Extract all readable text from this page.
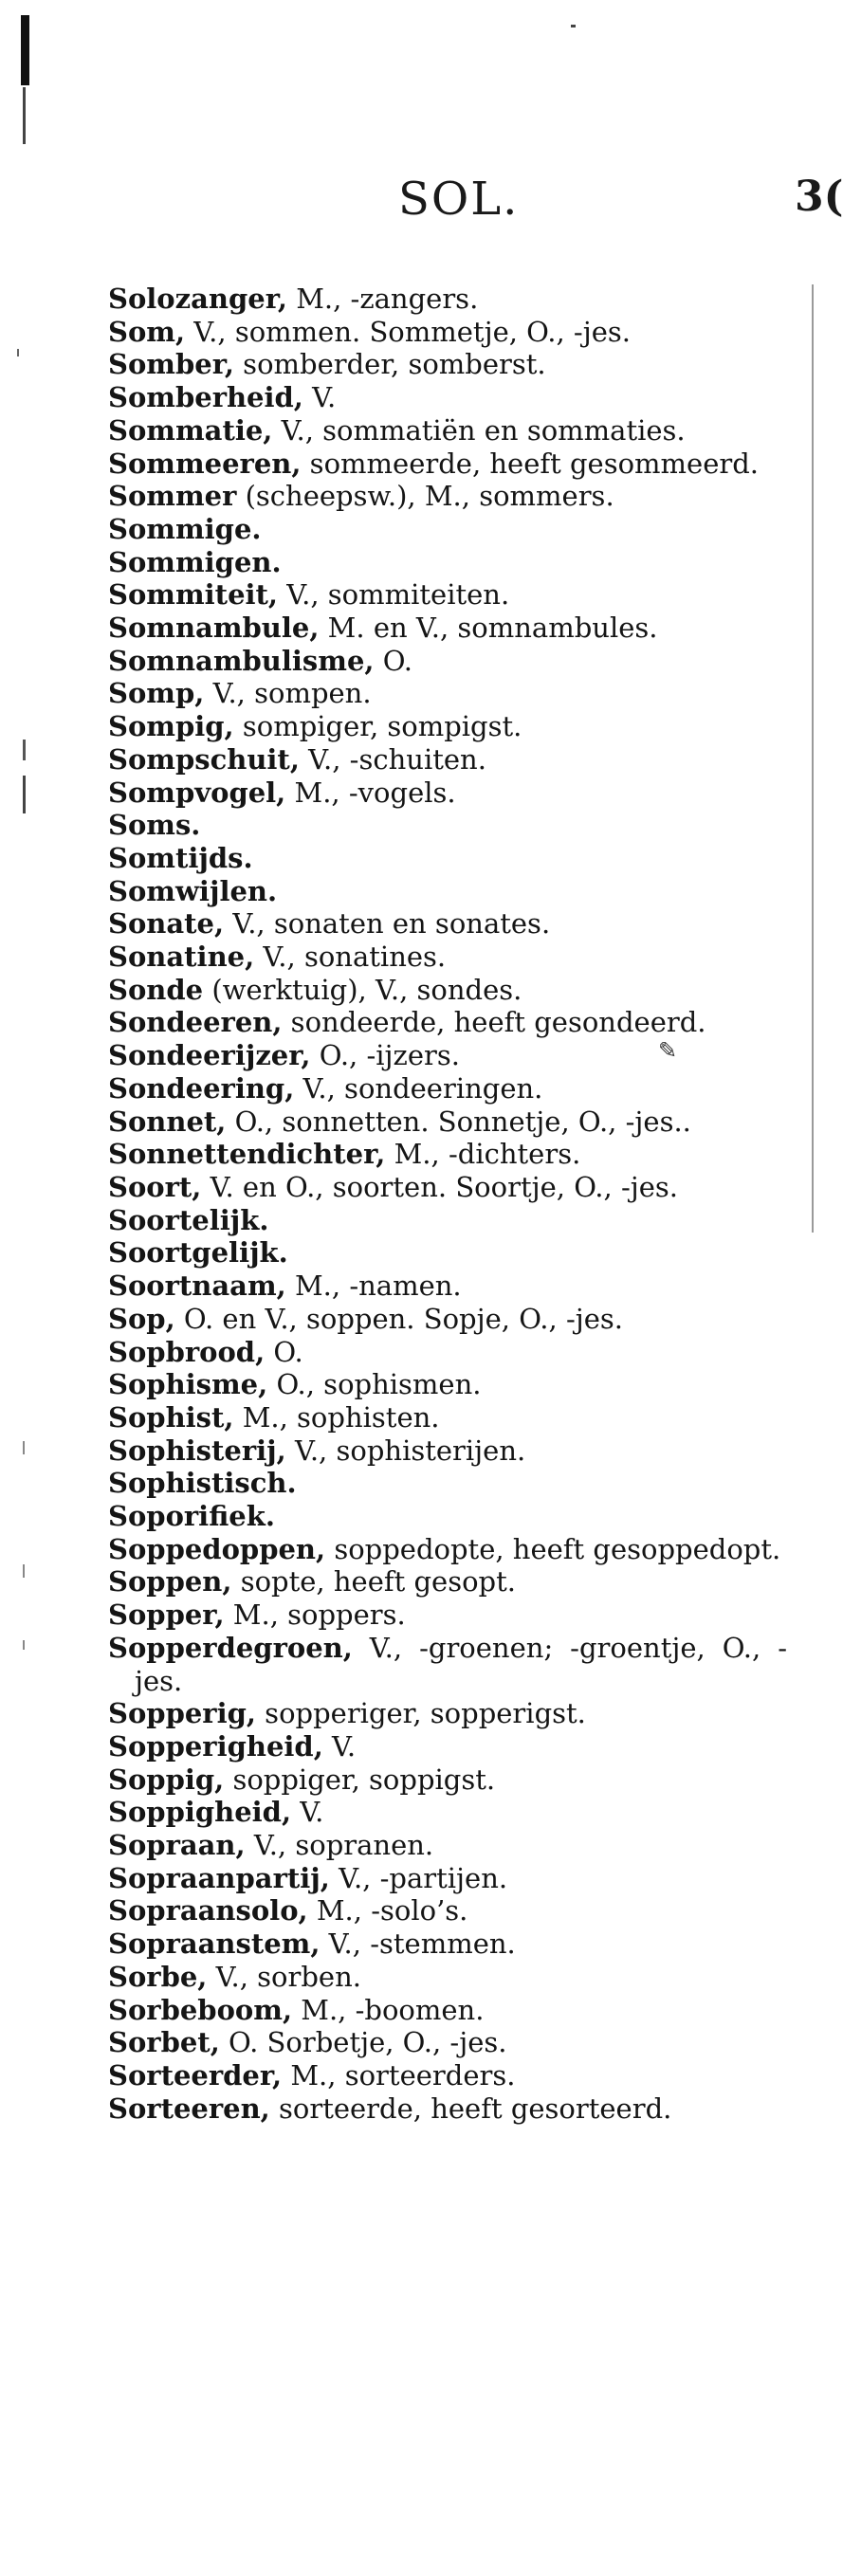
SOL.	3(
✎
Solozanger, M., -zangers.
Som, V., sommen. Sommetje, O., -jes.
Somber, somberder, somberst.
Somberheid, V.
Sommatie, V., sommatiën en sommaties.
Sommeeren, sommeerde, heeft gesommeerd.
Sommer (scheepsw.), M., sommers.
Sommige.
Sommigen.
Sommiteit, V., sommiteiten.
Somnambule, M. en V., somnambules.
Somnambulisme, O.
Somp, V., sompen.
Sompig, sompiger, sompigst.
Sompschuit, V., -schuiten.
Sompvogel, M., -vogels.
Soms.
Somtijds.
Somwijlen.
Sonate, V., sonaten en sonates.
Sonatine, V., sonatines.
Sonde (werktuig), V., sondes.
Sondeeren, sondeerde, heeft gesondeerd.
Sondeerijzer, O., -ijzers.
Sondeering, V., sondeeringen.
Sonnet, O., sonnetten. Sonnetje, O., -jes..
Sonnettendichter, M., -dichters.
Soort, V. en O., soorten. Soortje, O., -jes.
Soortelijk.
Soortgelijk.
Soortnaam, M., -namen.
Sop, O. en V., soppen. Sopje, O., -jes.
Sopbrood, O.
Sophisme, O., sophismen.
Sophist, M., sophisten.
Sophisterij, V., sophisterijen.
Sophistisch.
Soporifiek.
Soppedoppen, soppedopte, heeft gesoppedopt.
Soppen, sopte, heeft gesopt.
Sopper, M., soppers.
Sopperdegroen, V., -groenen; -groentje, O., -jes.
Sopperig, sopperiger, sopperigst.
Sopperigheid, V.
Soppig, soppiger, soppigst.
Soppigheid, V.
Sopraan, V., sopranen.
Sopraanpartij, V., -partijen.
Sopraansolo, M., -solo’s.
Sopraanstem, V., -stemmen.
Sorbe, V., sorben.
Sorbeboom, M., -boomen.
Sorbet, O. Sorbetje, O., -jes.
Sorteerder, M., sorteerders.
Sorteeren, sorteerde, heeft gesorteerd.
